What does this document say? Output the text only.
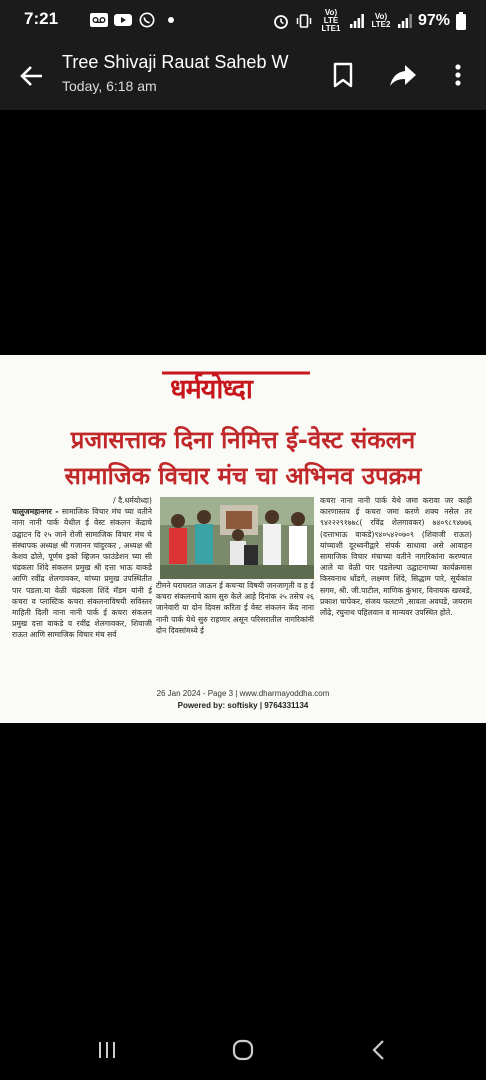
7:21	Vo) LTE LTE1
Vo) LTE2 97%
Tree Shivaji Rauat Saheb W
Today, 6:18 am
धर्मयोध्दा
प्रजासत्ताक दिना निमित्त ई-वेस्ट संकलन
सामाजिक विचार मंच चा अभिनव उपक्रम
/ दै.धर्मयोध्दा)
चालुजमहानगर - सामाजिक विचार मंच च्या वतीने नाना नानी पार्क येथील ई वेस्ट संकलन केंद्राचे उद्घाटन दि २५ जाने रोजी सामाजिक विचार मंच चे संस्थापक अध्यक्ष श्री गजानन चांदुरकर , अध्यक्ष श्री केशव ढोले, पूर्णम इको व्हिजन फाउंडेशन च्या सी चंद्रकला शिंदे संकलन प्रमुख श्री दत्ता भाऊ वाकडे आणि रवींद्र शेलगावकर, यांच्या प्रमुख उपस्थितीत पार पडला.या वेळी चंद्रकला शिंदे मॅडम यांनी ई कचरा व प्लास्टिक कचरा संकलनाविषयी सविस्तर माहिती दिली नाना नानी पार्क ई कचरा संकलन प्रमुख दत्ता वाकडे व रवींद्र शेलगावकर, शिवाजी राऊत आणि सामाजिक विचार मंच सर्व
टीमने घराघरात जाऊन ई कचऱ्या विषयी जनजागृती व ह ई कचरा संकलनाचे काम सुरु केले आहे दिनांक २५ तसेच २६ जानेवारी या दोन दिवस करिता ई वेस्ट संकलन केंद नाना नानी पार्क येथे सुरु राहणार असून परिसरातील नागरिकांनी दोन दिवसांमध्ये ई
कचरा नाना नानी पार्क येथे जमा करावा जर काही कारणास्तव ई कचरा जमा करणे शक्य नसेल तर ९४२२२९१७७८( रविंद्र शेलगावकर) ७४०९८९४७७६ (दत्ताभाऊ वाकडे)९४०५४२०७०९ (शिवाजी राऊत) यांच्याशी दूरध्वनीद्वारे संपर्क साधावा असे आवाहन सामाजिक विचार मंचाच्या वतीने नागरिकांना करण्यात आले या वेळी पार पडलेल्या उद्घाटनाच्या कार्यक्रमास किस्वनाथ धोंडगे, लक्ष्मण शिंदे, सिद्धाम पारे, सूर्यकांत सगम, श्री. जी.पाटील, माणिक कुंभार, विनायक खरबडे, प्रकाश चापेकर, संजय फलटणे ,सावता अवघडे, जयराम लोंढे, रघुनाथ पहिलवान व मान्यवर उपस्थित होते.
26 Jan 2024 - Page 3 | www.dharmayoddha.com
Powered by: softisky | 9764331134
